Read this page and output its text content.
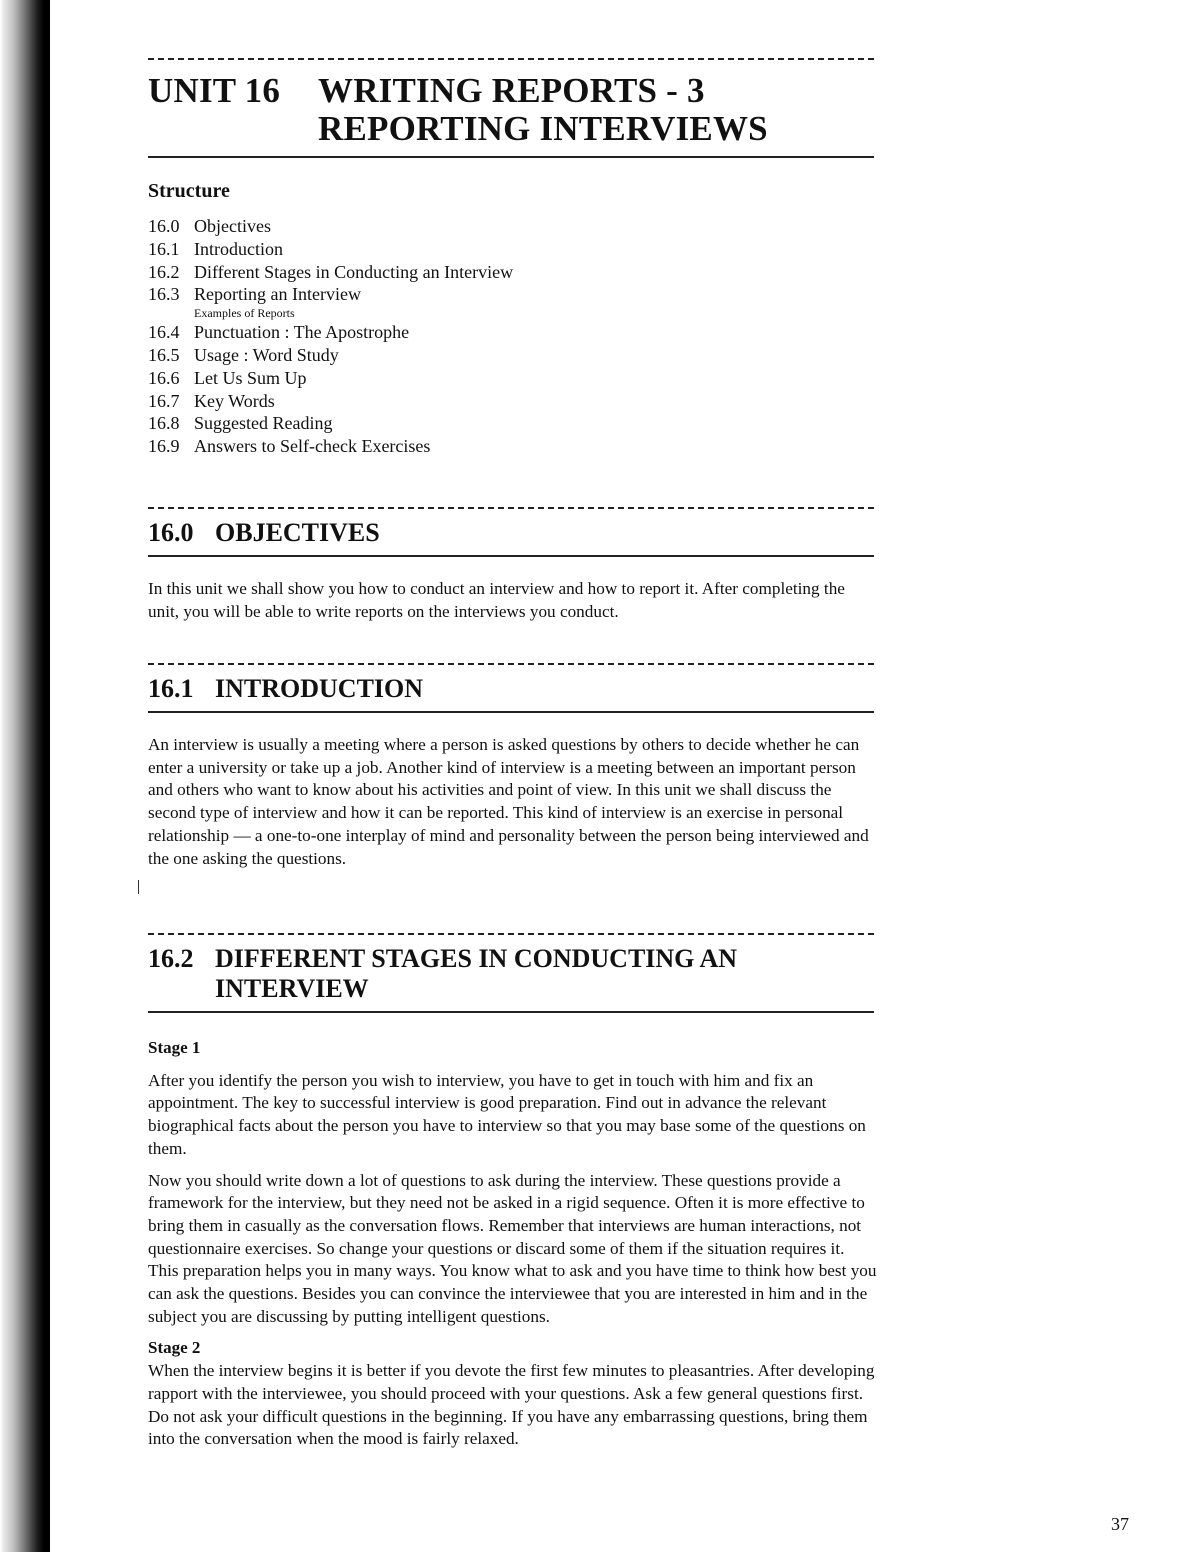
UNIT 16	WRITING REPORTS - 3
REPORTING INTERVIEWS
Structure
16.0 Objectives
16.1 Introduction
16.2 Different Stages in Conducting an Interview
16.3 Reporting an Interview
Examples of Reports
16.4 Punctuation : The Apostrophe
16.5 Usage : Word Study
16.6 Let Us Sum Up
16.7 Key Words
16.8 Suggested Reading
16.9 Answers to Self-check Exercises
16.0 OBJECTIVES

In this unit we shall show you how to conduct an interview and how to report it. After completing the unit, you will be able to write reports on the interviews you conduct.

16.1 INTRODUCTION

An interview is usually a meeting where a person is asked questions by others to decide whether he can enter a university or take up a job. Another kind of interview is a meeting between an important person and others who want to know about his activities and point of view. In this unit we shall discuss the second type of interview and how it can be reported. This kind of interview is an exercise in personal relationship — a one-to-one interplay of mind and personality between the person being interviewed and the one asking the questions.

16.2 DIFFERENT STAGES IN CONDUCTING AN
INTERVIEW
Stage 1

After you identify the person you wish to interview, you have to get in touch with him and fix an appointment. The key to successful interview is good preparation. Find out in advance the relevant biographical facts about the person you have to interview so that you may base some of the questions on them.

Now you should write down a lot of questions to ask during the interview. These questions provide a framework for the interview, but they need not be asked in a rigid sequence. Often it is more effective to bring them in casually as the conversation flows. Remember that interviews are human interactions, not questionnaire exercises. So change your questions or discard some of them if the situation requires it. This preparation helps you in many ways. You know what to ask and you have time to think how best you can ask the questions. Besides you can convince the interviewee that you are interested in him and in the subject you are discussing by putting intelligent questions.

Stage 2

When the interview begins it is better if you devote the first few minutes to pleasantries. After developing rapport with the interviewee, you should proceed with your questions. Ask a few general questions first. Do not ask your difficult questions in the beginning. If you have any embarrassing questions, bring them into the conversation when the mood is fairly relaxed.

37
